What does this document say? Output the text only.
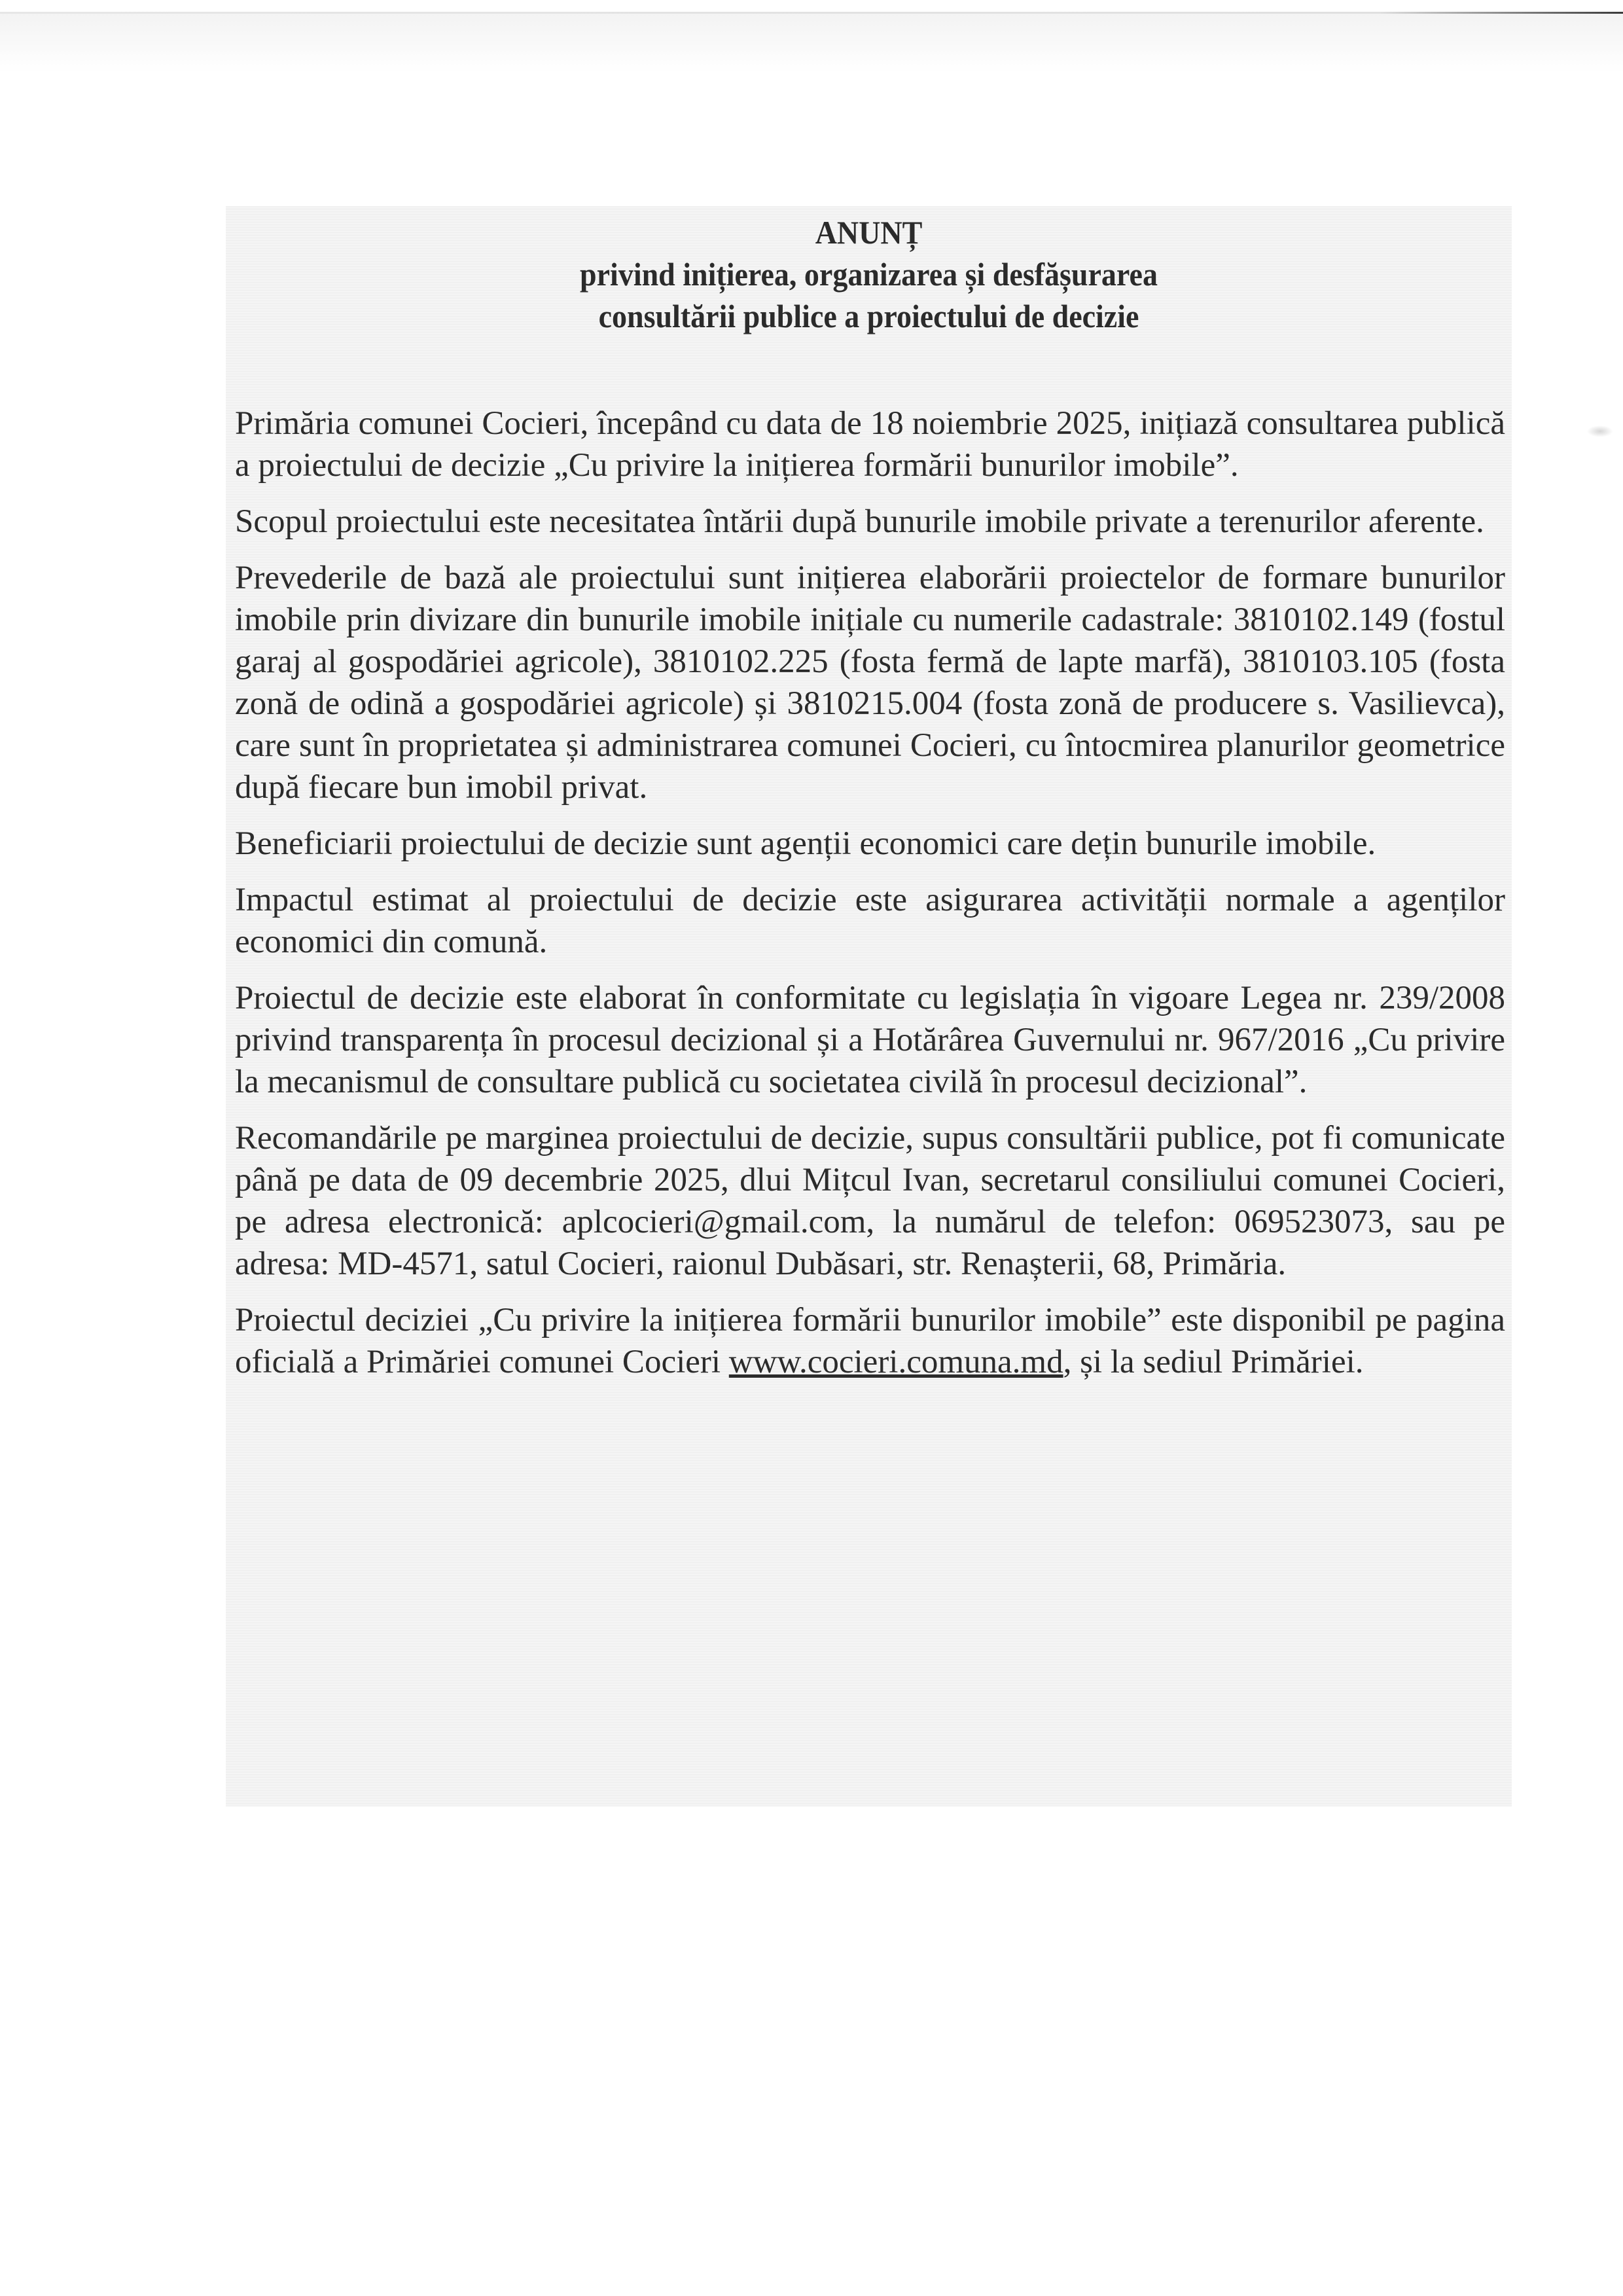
ANUNȚ
privind inițierea, organizarea și desfășurarea
consultării publice a proiectului de decizie

Primăria comunei Cocieri, începând cu data de 18 noiembrie 2025, inițiază consultarea publică a proiectului de decizie „Cu privire la inițierea formării bunurilor imobile”.

Scopul proiectului este necesitatea întării după bunurile imobile private a terenurilor aferente.

Prevederile de bază ale proiectului sunt inițierea elaborării proiectelor de formare bunurilor imobile prin divizare din bunurile imobile inițiale cu numerile cadastrale: 3810102.149 (fostul garaj al gospodăriei agricole), 3810102.225 (fosta fermă de lapte marfă), 3810103.105 (fosta zonă de odină a gospodăriei agricole) și 3810215.004 (fosta zonă de producere s. Vasilievca), care sunt în proprietatea și administrarea comunei Cocieri, cu întocmirea planurilor geometrice după fiecare bun imobil privat.

Beneficiarii proiectului de decizie sunt agenții economici care dețin bunurile imobile.

Impactul estimat al proiectului de decizie este asigurarea activității normale a agenților economici din comună.

Proiectul de decizie este elaborat în conformitate cu legislația în vigoare Legea nr. 239/2008 privind transparența în procesul decizional și a Hotărârea Guvernului nr. 967/2016 „Cu privire la mecanismul de consultare publică cu societatea civilă în procesul decizional”.

Recomandările pe marginea proiectului de decizie, supus consultării publice, pot fi comunicate până pe data de 09 decembrie 2025, dlui Mițcul Ivan, secretarul consiliului comunei Cocieri, pe adresa electronică: aplcocieri@gmail.com, la numărul de telefon: 069523073, sau pe adresa: MD-4571, satul Cocieri, raionul Dubăsari, str. Renașterii, 68, Primăria.

Proiectul deciziei „Cu privire la inițierea formării bunurilor imobile” este disponibil pe pagina oficială a Primăriei comunei Cocieri www.cocieri.comuna.md, și la sediul Primăriei.
